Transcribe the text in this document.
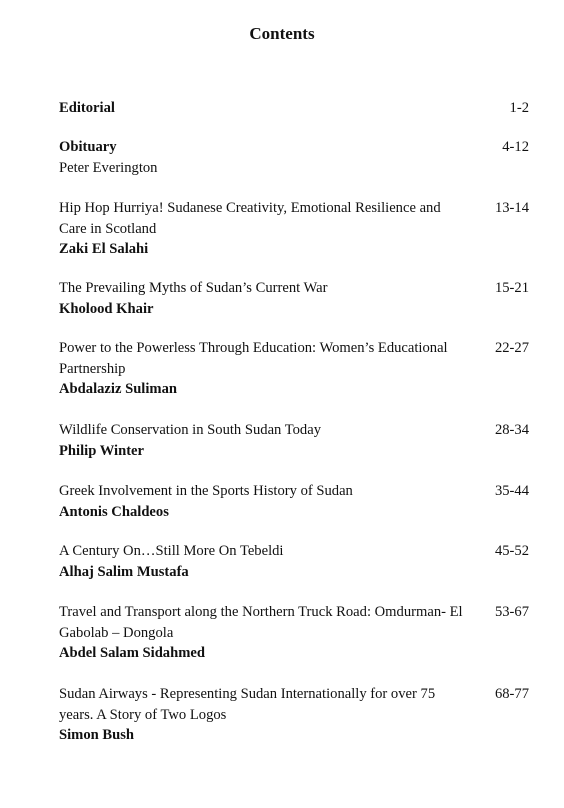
Contents
Editorial	1-2
Obituary
Peter Everington
4-12
Hip Hop Hurriya! Sudanese Creativity, Emotional Resilience and Care in Scotland
Zaki El Salahi
13-14
The Prevailing Myths of Sudan’s Current War
Kholood Khair
15-21
Power to the Powerless Through Education: Women’s Educational Partnership
Abdalaziz Suliman
22-27
Wildlife Conservation in South Sudan Today
Philip Winter
28-34
Greek Involvement in the Sports History of Sudan
Antonis Chaldeos
35-44
A Century On…Still More On Tebeldi
Alhaj Salim Mustafa
45-52
Travel and Transport along the Northern Truck Road: Omdurman- El Gabolab – Dongola
Abdel Salam Sidahmed
53-67
Sudan Airways - Representing Sudan Internationally for over 75 years. A Story of Two Logos
Simon Bush
68-77
